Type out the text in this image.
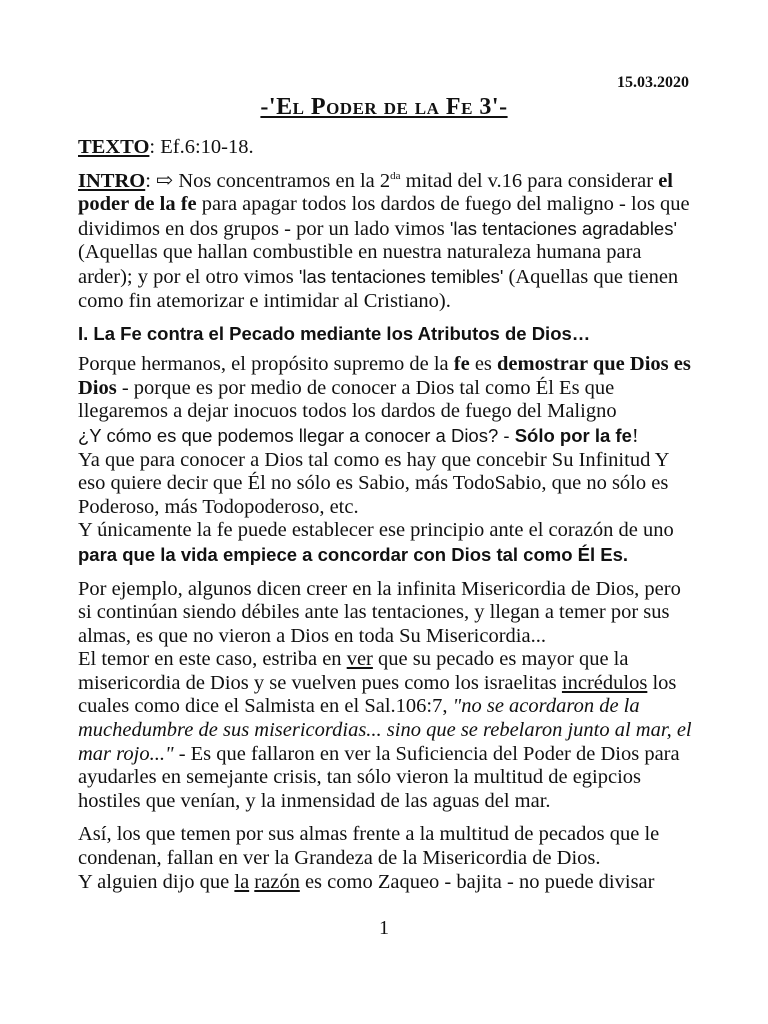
15.03.2020
-'El Poder de la Fe 3'-

TEXTO: Ef.6:10-18.

INTRO: ⇨ Nos concentramos en la $2^{da}$ mitad del v.16 para considerar el poder de la fe para apagar todos los dardos de fuego del maligno - los que dividimos en dos grupos - por un lado vimos 'las tentaciones agradables' (Aquellas que hallan combustible en nuestra naturaleza humana para arder); y por el otro vimos 'las tentaciones temibles' (Aquellas que tienen como fin atemorizar e intimidar al Cristiano).

I. La Fe contra el Pecado mediante los Atributos de Dios…

Porque hermanos, el propósito supremo de la fe es demostrar que Dios es Dios - porque es por medio de conocer a Dios tal como Él Es que llegaremos a dejar inocuos todos los dardos de fuego del Maligno
¿Y cómo es que podemos llegar a conocer a Dios? - Sólo por la fe!
Ya que para conocer a Dios tal como es hay que concebir Su Infinitud Y eso quiere decir que Él no sólo es Sabio, más TodoSabio, que no sólo es Poderoso, más Todopoderoso, etc.
Y únicamente la fe puede establecer ese principio ante el corazón de uno para que la vida empiece a concordar con Dios tal como Él Es.

Por ejemplo, algunos dicen creer en la infinita Misericordia de Dios, pero si continúan siendo débiles ante las tentaciones, y llegan a temer por sus almas, es que no vieron a Dios en toda Su Misericordia...
El temor en este caso, estriba en ver que su pecado es mayor que la misericordia de Dios y se vuelven pues como los israelitas incrédulos los cuales como dice el Salmista en el Sal.106:7, "no se acordaron de la muchedumbre de sus misericordias... sino que se rebelaron junto al mar, el mar rojo..." - Es que fallaron en ver la Suficiencia del Poder de Dios para ayudarles en semejante crisis, tan sólo vieron la multitud de egipcios hostiles que venían, y la inmensidad de las aguas del mar.

Así, los que temen por sus almas frente a la multitud de pecados que le condenan, fallan en ver la Grandeza de la Misericordia de Dios.
Y alguien dijo que la razón es como Zaqueo - bajita - no puede divisar

1
